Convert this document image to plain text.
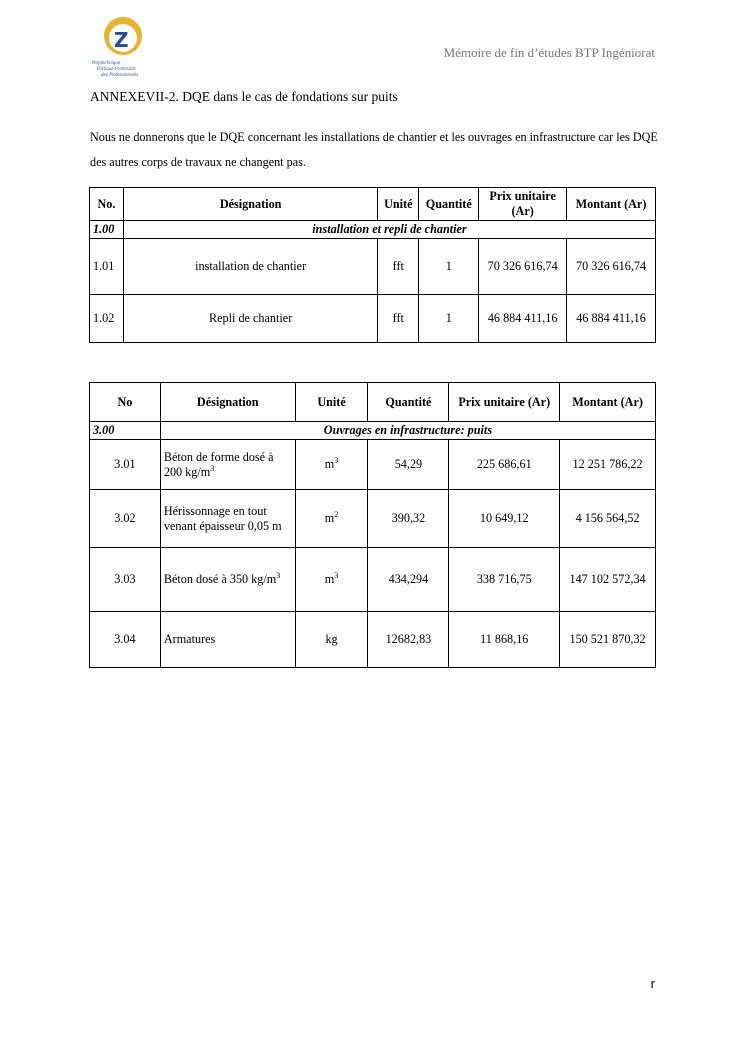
Z
Polytechnique
Pratique Partenaire
des Professionnels
Mémoire de fin d’études BTP Ingéniorat
ANNEXEVII-2. DQE dans le cas de fondations sur puits
Nous ne donnerons que le DQE concernant les installations de chantier et les ouvrages en infrastructure car les DQE des autres corps de travaux ne changent pas.
No.	Désignation	Unité	Quantité	Prix unitaire (Ar)	Montant (Ar)
1.00	installation et repli de chantier				
1.01	installation de chantier	fft	1	70 326 616,74	70 326 616,74
1.02	Repli de chantier	fft	1	46 884 411,16	46 884 411,16
No	Désignation	Unité	Quantité	Prix unitaire (Ar)	Montant (Ar)
3.00	Ouvrages en infrastructure: puits				
3.01	Béton de forme dosé à 200 $kg/m^3$	$m^3$	54,29	225 686,61	12 251 786,22
3.02	Hérissonnage en tout venant épaisseur 0,05 m	$m^2$	390,32	10 649,12	4 156 564,52
3.03	Béton dosé à 350 $kg/m^3$	$m^3$	434,294	338 716,75	147 102 572,34
3.04	Armatures	kg	12682,83	11 868,16	150 521 870,32
r
